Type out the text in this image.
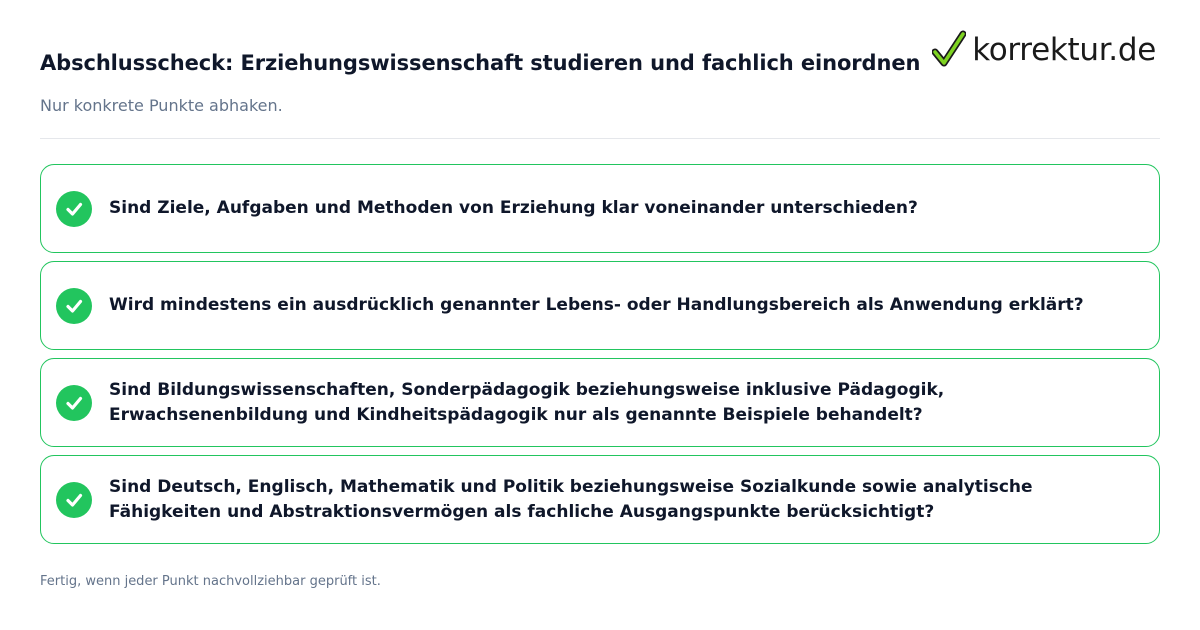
Abschlusscheck: Erziehungswissenschaft studieren und fachlich einordnen
Nur konkrete Punkte abhaken.
korrektur.de
Sind Ziele, Aufgaben und Methoden von Erziehung klar voneinander unterschieden?
Wird mindestens ein ausdrücklich genannter Lebens- oder Handlungsbereich als Anwendung erklärt?
Sind Bildungswissenschaften, Sonderpädagogik beziehungsweise inklusive Pädagogik, Erwachsenenbildung und Kindheitspädagogik nur als genannte Beispiele behandelt?
Sind Deutsch, Englisch, Mathematik und Politik beziehungsweise Sozialkunde sowie analytische Fähigkeiten und Abstraktionsvermögen als fachliche Ausgangspunkte berücksichtigt?
Fertig, wenn jeder Punkt nachvollziehbar geprüft ist.
